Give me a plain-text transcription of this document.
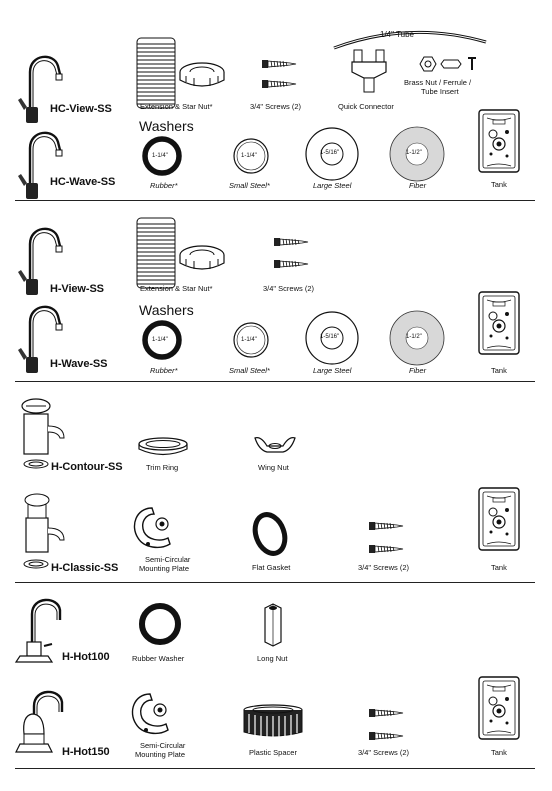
HC-View-SS
HC-Wave-SS
Extension & Star Nut*	3/4" Screws (2)
1/4" Tube
Quick Connector
Brass Nut / Ferrule /
Tube Insert
Washers
1-1/4"
Rubber*
1-1/4"
Small Steel*
1-5/16"
Large Steel
1-1/2"
Fiber	Tank
H-View-SS
H-Wave-SS
Extension & Star Nut*	3/4" Screws (2)
Washers
1-1/4"
Rubber*
1-1/4"
Small Steel*
1-5/16"
Large Steel
1-1/2"
Fiber	Tank
H-Contour-SS	Trim Ring	Wing Nut
H-Classic-SS
Semi-Circular
Mounting Plate	Flat Gasket	3/4" Screws (2)	Tank
H-Hot100	Rubber Washer	Long Nut
H-Hot150
Semi-Circular
Mounting Plate	Plastic Spacer	3/4" Screws (2)	Tank
